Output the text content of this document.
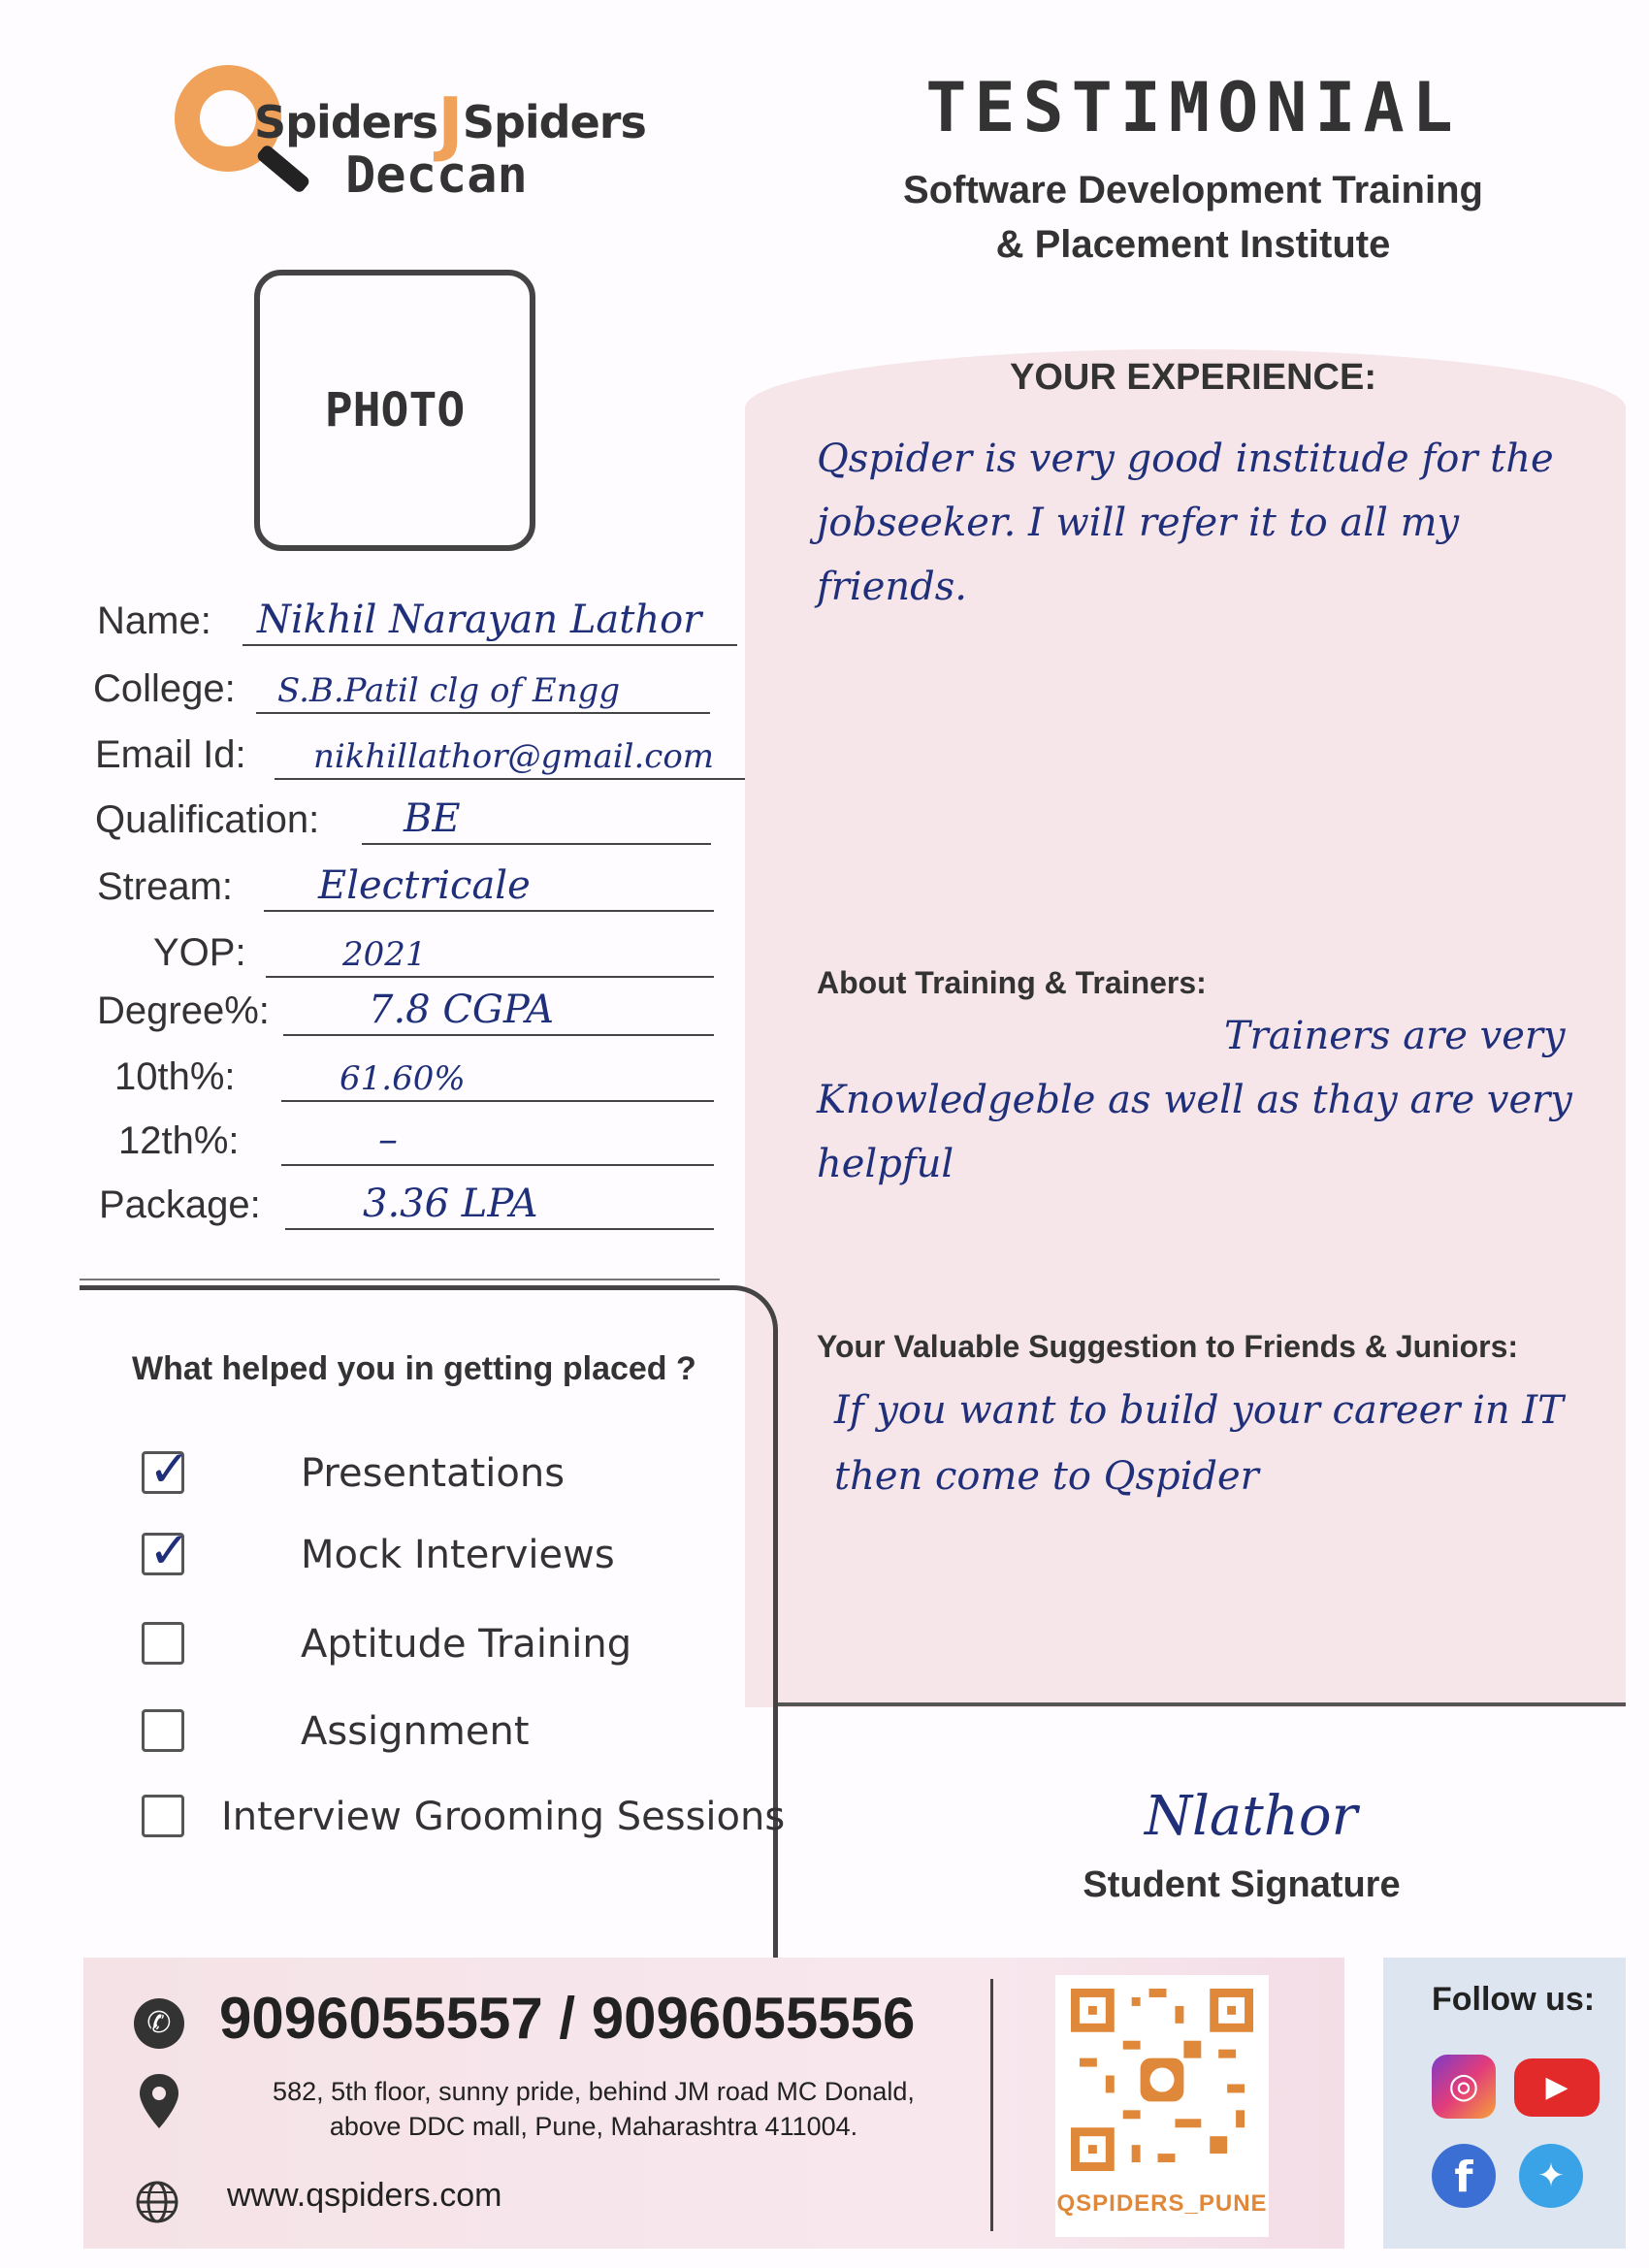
SpidersJSpiders
Deccan
TESTIMONIAL
Software Development Training
& Placement Institute
PHOTO
YOUR EXPERIENCE:
Qspider is very good institude for the jobseeker. I will refer it to all my friends.
About Training & Trainers:
Trainers are very Knowledgeble as well as thay are very helpful
Your Valuable Suggestion to Friends & Juniors:
If you want to build your career in IT then come to Qspider
Nlathor
Student Signature
Name: Nikhil Narayan Lathor
College: S.B.Patil clg of Engg
Email Id: nikhillathor@gmail.com
Qualification: BE
Stream: Electricale
YOP:	2021
Degree%:	7.8 CGPA
10th%:	61.60%
12th%:	–
Package:	3.36 LPA
What helped you in getting placed ?
✓	Presentations
✓	Mock Interviews
Aptitude Training
Assignment
Interview Grooming Sessions
✆ 9096055557 / 9096055556
582, 5th floor, sunny pride, behind JM road MC Donald,
above DDC mall, Pune, Maharashtra 411004.
www.qspiders.com	QSPIDERS_PUNE
Follow us:
◎	▶
f	✦
